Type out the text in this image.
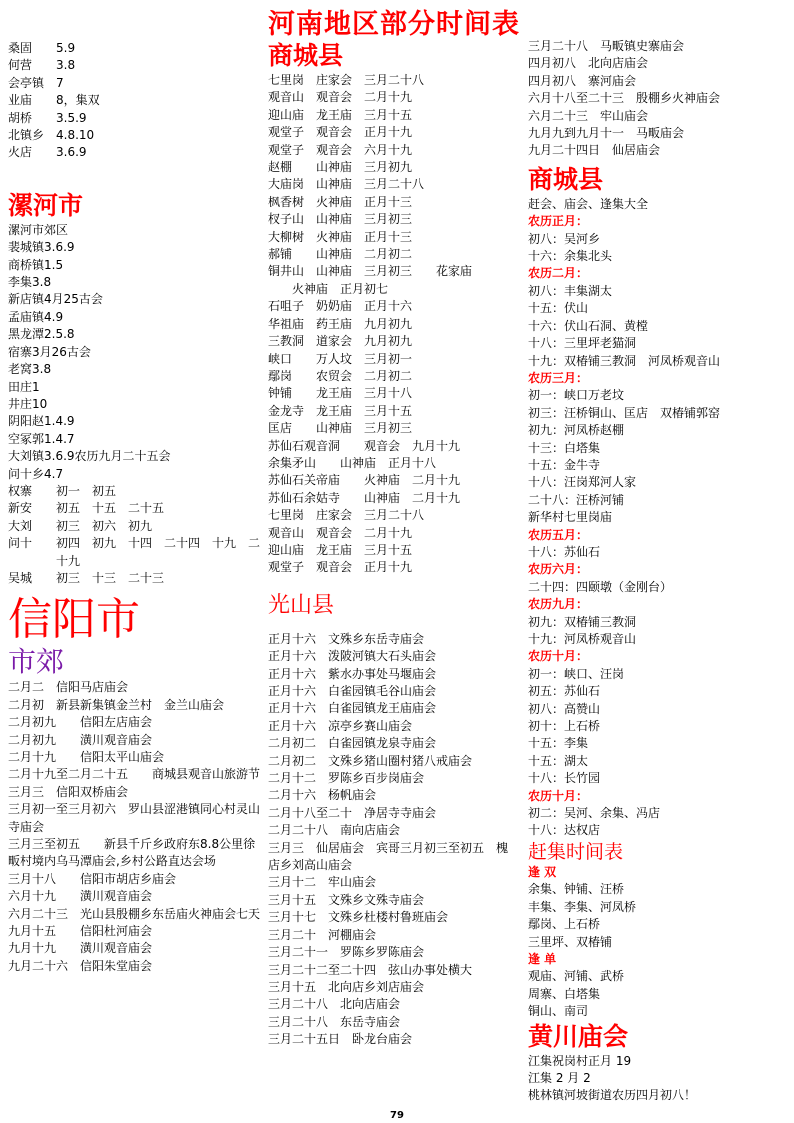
河南地区部分时间表
桑固　　5.9
何营　　3.8
会亭镇　7
业庙　　8，集双
胡桥　　3.5.9
北镇乡　4.8.10
火店　　3.6.9
漯河市
漯河市郊区
裴城镇3.6.9
商桥镇1.5
李集3.8
新店镇4月25古会
孟庙镇4.9
黑龙潭2.5.8
宿寨3月26古会
老窝3.8
田庄1
井庄10
阴阳赵1.4.9
空冢郭1.4.7
大刘镇3.6.9农历九月二十五会
问十乡4.7
权寨　　初一　初五
新安　　初五　十五　二十五
大刘　　初三　初六　初九
问十　　初四　初九　十四　二十四　十九　二
　　　　十九
吴城　　初三　十三　二十三
信阳市
市郊
二月二　信阳马店庙会
二月初　新县新集镇金兰村　金兰山庙会
二月初九　　信阳左店庙会
二月初九　　潢川观音庙会
二月十九　　信阳太平山庙会
二月十九至二月二十五　　商城县观音山旅游节
三月三　信阳双桥庙会
三月初一至三月初六　罗山县涩港镇同心村灵山寺庙会
三月三至初五　　新县千斤乡政府东8.8公里徐畈村境内乌马潭庙会,乡村公路直达会场
三月十八　　信阳市胡店乡庙会
六月十九　　潢川观音庙会
六月二十三　光山县殷棚乡东岳庙火神庙会七天
九月十五　　信阳杜河庙会
九月十九　　潢川观音庙会
九月二十六　信阳朱堂庙会
商城县
七里岗　庄家会　三月二十八
观音山　观音会　二月十九
迎山庙　龙王庙　三月十五
观堂子　观音会　正月十九
观堂子　观音会　六月十九
赵棚　　山神庙　三月初九
大庙岗　山神庙　三月二十八
枫香树　火神庙　正月十三
杈子山　山神庙　三月初三
大柳树　火神庙　正月十三
郝铺　　山神庙　二月初二
铜井山　山神庙　三月初三　　花家庙
　　火神庙　正月初七
石咀子　奶奶庙　正月十六
华祖庙　药王庙　九月初九
三教洞　道家会　九月初九
峡口　　万人坟　三月初一
鄢岗　　农贸会　二月初二
钟铺　　龙王庙　三月十八
金龙寺　龙王庙　三月十五
匡店　　山神庙　三月初三
苏仙石观音洞　　观音会　九月十九
余集矛山　　山神庙　正月十八
苏仙石关帝庙　　火神庙　二月十九
苏仙石余姑寺　　山神庙　二月十九
七里岗　庄家会　三月二十八
观音山　观音会　二月十九
迎山庙　龙王庙　三月十五
观堂子　观音会　正月十九
光山县
正月十六　文殊乡东岳寺庙会
正月十六　泼陂河镇大石头庙会
正月十六　紫水办事处马堰庙会
正月十六　白雀园镇毛谷山庙会
正月十六　白雀园镇龙王庙庙会
正月十六　凉亭乡赛山庙会
二月初二　白雀园镇龙泉寺庙会
二月初二　文殊乡猪山圈村猪八戒庙会
二月十二　罗陈乡百步岗庙会
二月十六　杨帆庙会
二月十八至二十　净居寺寺庙会
二月二十八　南向店庙会
三月三　仙居庙会　宾哥三月初三至初五　槐
店乡刘高山庙会
三月十二　牢山庙会
三月十五　文殊乡文殊寺庙会
三月十七　文殊乡杜楼村鲁班庙会
三月二十　河棚庙会
三月二十一　罗陈乡罗陈庙会
三月二十二至二十四　弦山办事处横大
三月十五　北向店乡刘店庙会
三月二十八　北向店庙会
三月二十八　东岳寺庙会
三月二十五日　卧龙台庙会
三月二十八　马畈镇史寨庙会
四月初八　北向店庙会
四月初八　寨河庙会
六月十八至二十三　殷棚乡火神庙会
六月二十三　牢山庙会
九月九到九月十一　马畈庙会
九月二十四日　仙居庙会
商城县
赶会、庙会、逢集大全
农历正月：
初八：吴河乡
十六：余集北头
农历二月：
初八：丰集湖太
十五：伏山
十六：伏山石洞、黄樘
十八：三里坪老猫洞
十九：双椿铺三教洞　河凤桥观音山
农历三月：
初一：峡口万老坟
初三：汪桥铜山、匡店　双椿铺郭窑
初九：河凤桥赵棚
十三：白塔集
十五：金牛寺
十八：汪岗郑河人家
二十八：汪桥河铺
新华村七里岗庙
农历五月：
十八：苏仙石
农历六月：
二十四：四颐墩（金刚台）
农历九月：
初九：双椿铺三教洞
十九：河凤桥观音山
农历十月：
初一：峡口、汪岗
初五：苏仙石
初八：高赞山
初十：上石桥
十五：李集
十五：湖太
十八：长竹园
农历十月：
初二：吴河、余集、冯店
十八：达权店
赶集时间表
逢 双
余集、钟铺、汪桥
丰集、李集、河凤桥
鄢岗、上石桥
三里坪、双椿铺
逢 单
观庙、河铺、武桥
周寨、白塔集
铜山、南司
黄川庙会
江集祝岗村正月 19
江集 2 月 2
桃林镇河坡街道农历四月初八！
79
